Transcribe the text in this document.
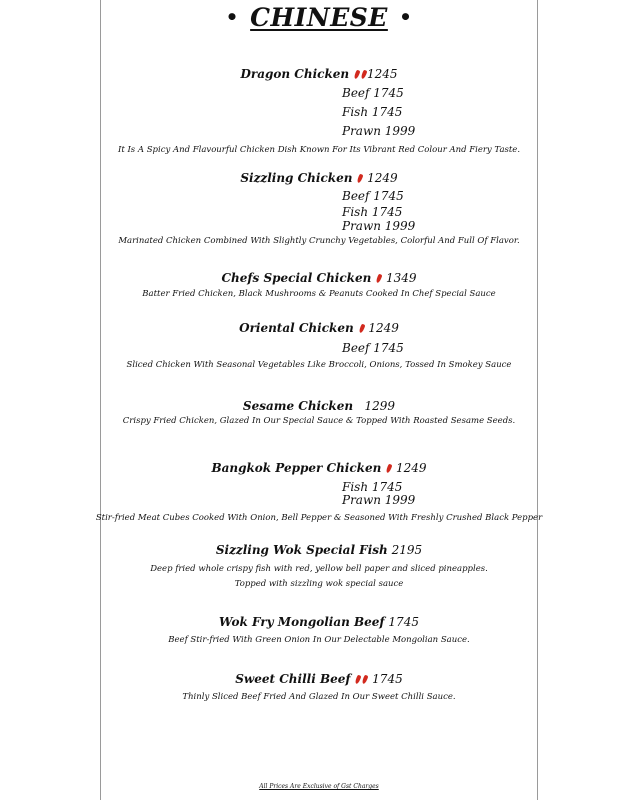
• CHINESE •
Dragon Chicken 1245
Beef 1745
Fish 1745
Prawn 1999
It Is A Spicy And Flavourful Chicken Dish Known For Its Vibrant Red Colour And Fiery Taste.
Sizzling Chicken 1249
Beef 1745
Fish 1745
Prawn 1999
Marinated Chicken Combined With Slightly Crunchy Vegetables, Colorful And Full Of Flavor.
Chefs Special Chicken 1349
Batter Fried Chicken, Black Mushrooms & Peanuts Cooked In Chef Special Sauce
Oriental Chicken 1249
Beef 1745
Sliced Chicken With Seasonal Vegetables Like Broccoli, Onions, Tossed In Smokey Sauce
Sesame Chicken 1299
Crispy Fried Chicken, Glazed In Our Special Sauce & Topped With Roasted Sesame Seeds.
Bangkok Pepper Chicken 1249
Fish 1745
Prawn 1999
Stir-fried Meat Cubes Cooked With Onion, Bell Pepper & Seasoned With Freshly Crushed Black Pepper
Sizzling Wok Special Fish 2195
Deep fried whole crispy fish with red, yellow bell paper and sliced pineapples.
Topped with sizzling wok special sauce
Wok Fry Mongolian Beef 1745
Beef Stir-fried With Green Onion In Our Delectable Mongolian Sauce.
Sweet Chilli Beef 1745
Thinly Sliced Beef Fried And Glazed In Our Sweet Chilli Sauce.
All Prices Are Exclusive of Gst Charges
